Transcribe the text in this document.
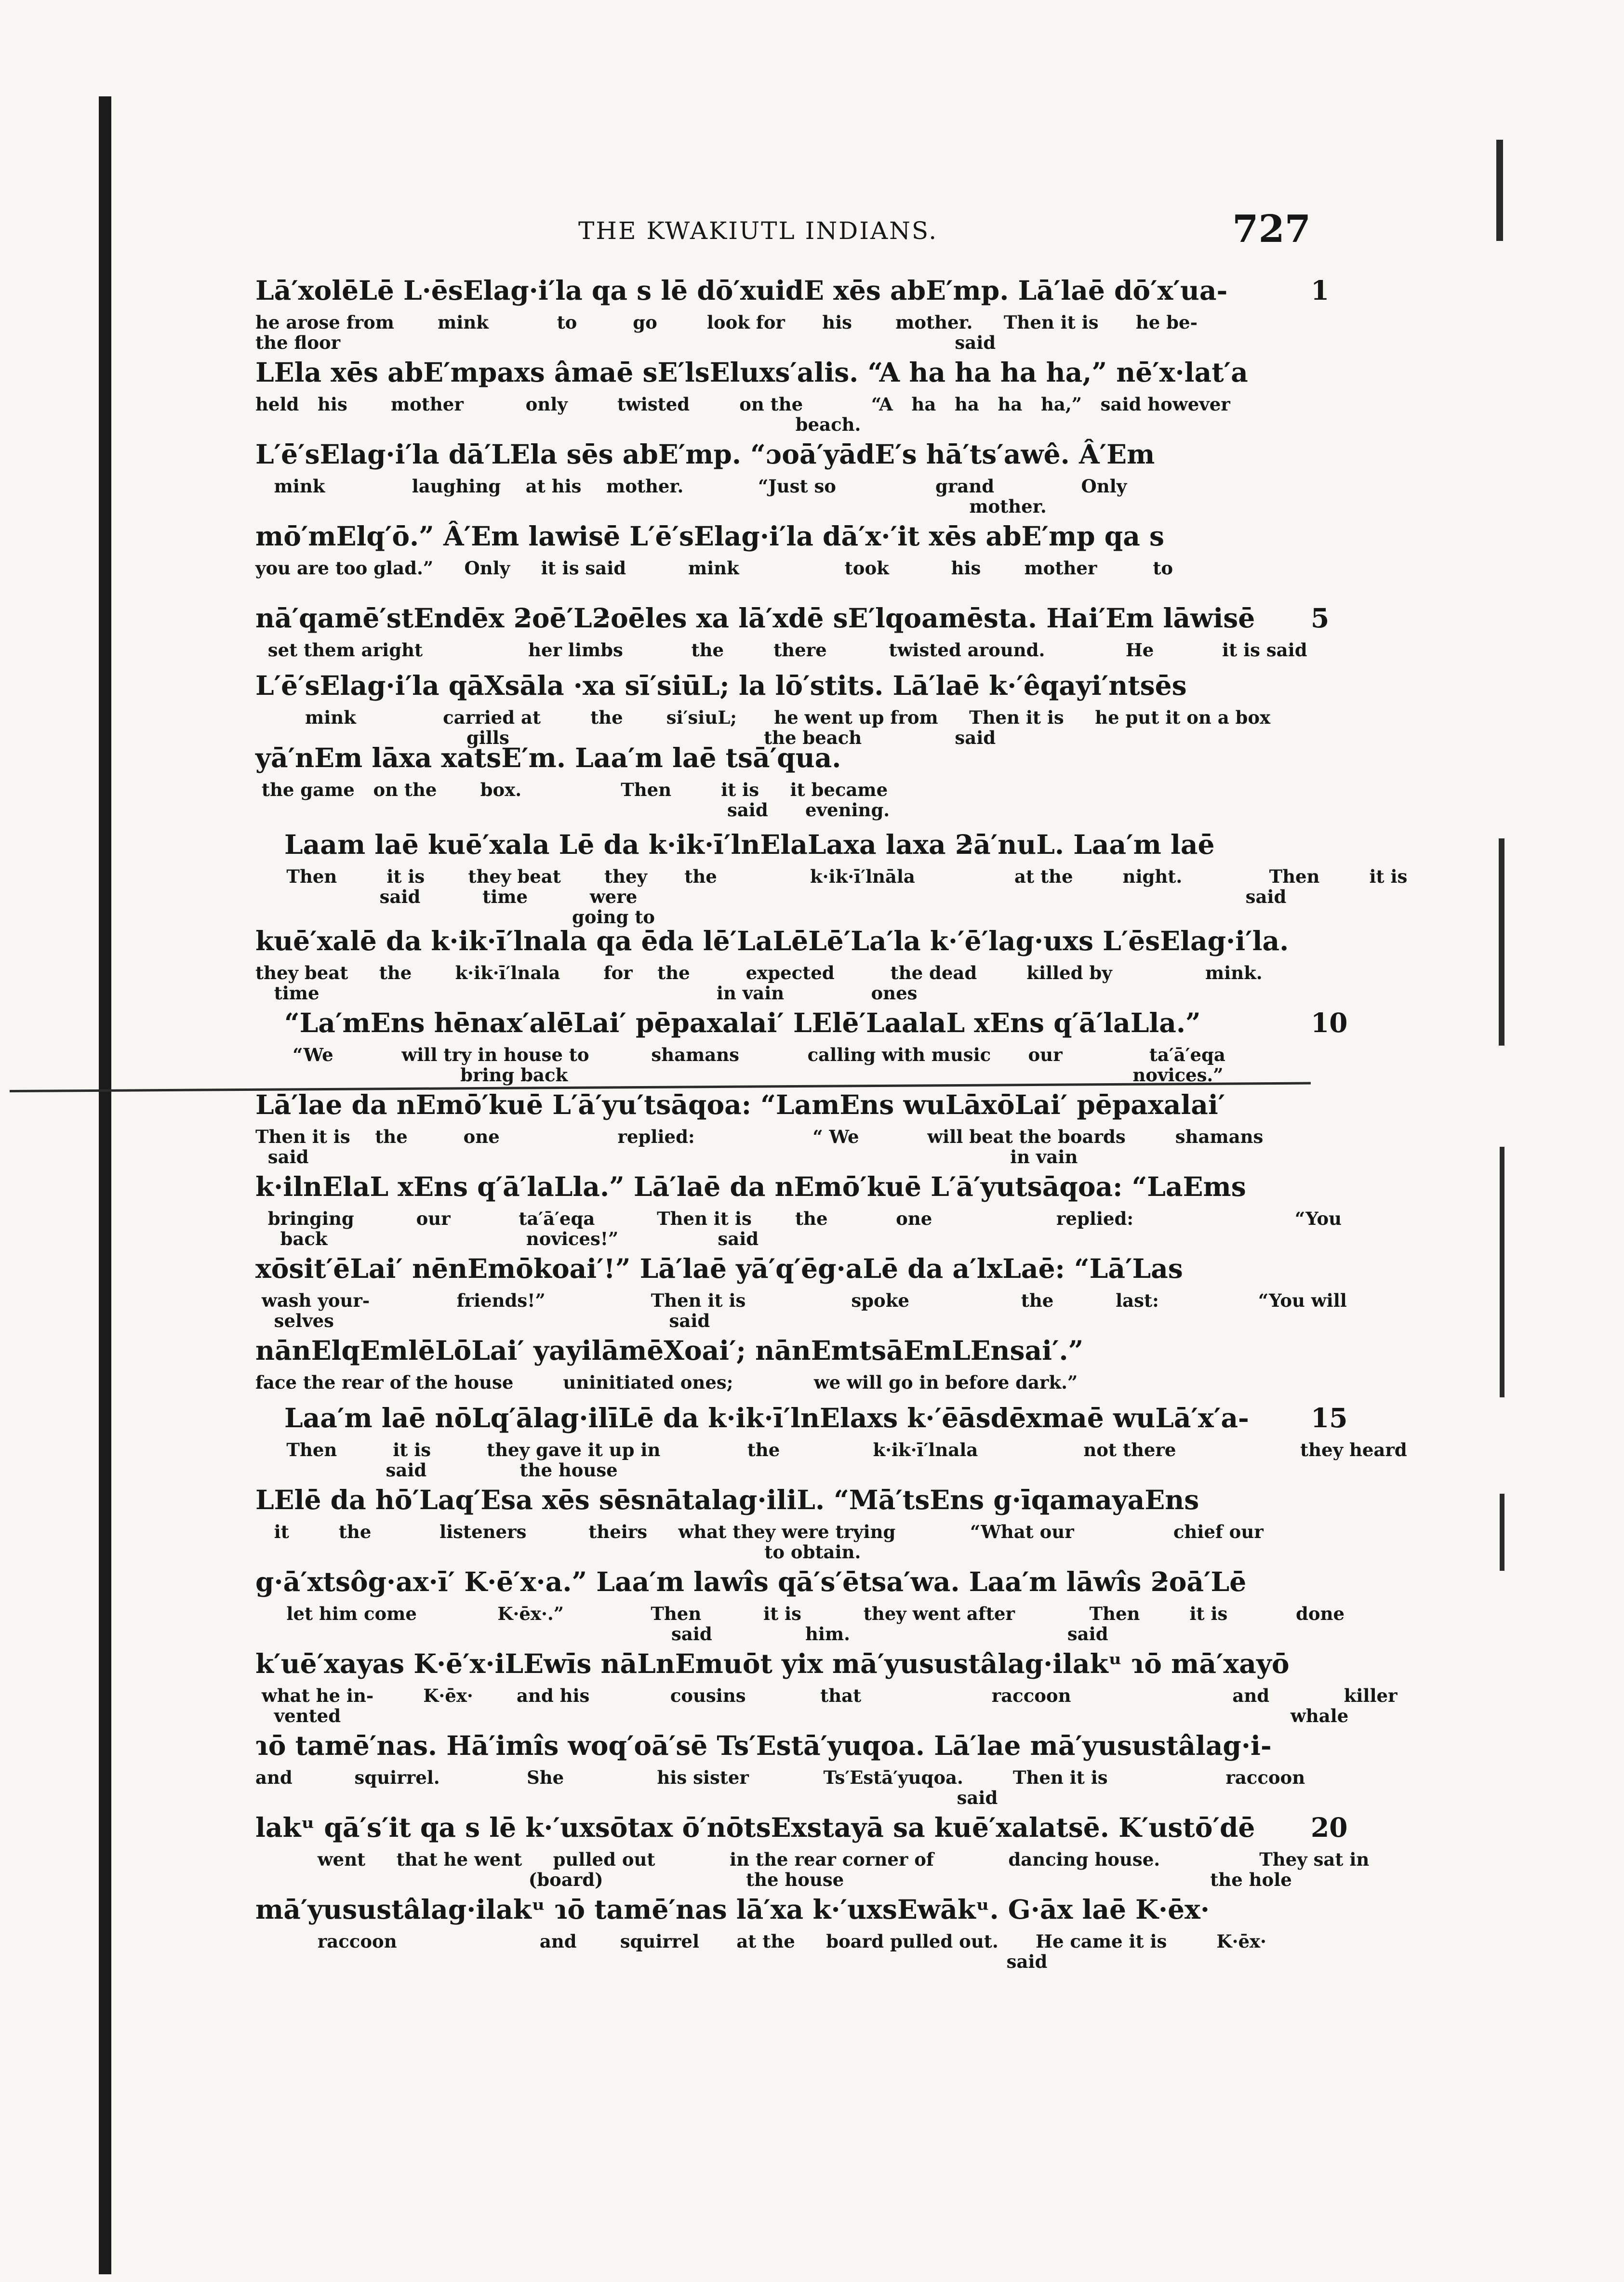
THE KWAKIUTL INDIANS.	727
Lā′xolēLē L·ēsElag·i′la qa s lē dō′xuidE xēs abE′mp. Lā′laē dō′x′ua-
he arose from       mink           to         go        look for      his       mother.     Then it is      he be-
the floor                                                                                                   said
1
LEla xēs abE′mpaxs âmaē sE′lsEluxs′alis. “A ha ha ha ha,” nē′x·lat′a
held   his       mother          only        twisted        on the           “A   ha   ha   ha   ha,”   said however
beach.
L′ē′sElag·i′la dā′LEla sēs abE′mp. “ɔoā′yādE′s hā′ts′awê. Â′Em
mink              laughing    at his    mother.            “Just so                grand              Only
mother.
mō′mElq′ō.” Â′Em lawisē L′ē′sElag·i′la dā′x·′it xēs abE′mp qa s
you are too glad.”     Only     it is said          mink                 took          his       mother         to
nā′qamē′stEndēx ƻoē′Lƻoēles xa lā′xdē sE′lqoamēsta. Hai′Em lāwisē
set them aright                 her limbs           the        there          twisted around.             He           it is said
5
L′ē′sElag·i′la qāXsāla ·xa sī′siūL; la lō′stits. Lā′laē k·′êqayi′ntsēs
mink              carried at        the       si′siuL;      he went up from     Then it is     he put it on a box
gills                                         the beach               said
yā′nEm lāxa xatsE′m. Laa′m laē tsā′qua.
the game   on the       box.                Then        it is     it became
said      evening.
Laam laē kuē′xala Lē da k·ik·ī′lnElaLaxa laxa ƻā′nuL. Laa′m laē
Then        it is       they beat       they      the               k·ik·ī′lnāla                at the        night.              Then        it is
said          time          were                                                                                                  said
going to
kuē′xalē da k·ik·ī′lnala qa ēda lē′LaLēLē′La′la k·′ē′lag·uxs L′ēsElag·i′la.
they beat     the       k·ik·ī′lnala       for    the         expected         the dead        killed by               mink.
time                                                                in vain              ones
“La′mEns hēnax′alēLai′ pēpaxalai′ LElē′LaalaL xEns q′ā′laLla.”
“We           will try in house to          shamans           calling with music      our              ta′ā′eqa
bring back                                                                                           novices.”
10
Lā′lae da nEmō′kuē L′ā′yu′tsāqoa: “LamEns wuLāxōLai′ pēpaxalai′
Then it is    the         one                   replied:                   “ We           will beat the boards        shamans
said                                                                                                                 in vain
k·ilnElaL xEns q′ā′laLla.” Lā′laē da nEmō′kuē L′ā′yutsāqoa: “LaEms
bringing          our           ta′ā′eqa          Then it is       the           one                    replied:                          “You
back                                novices!”                said
xōsit′ēLai′ nēnEmōkoai′!” Lā′laē yā′q′ēg·aLē da a′lxLaē: “Lā′Las
wash your-              friends!”                 Then it is                 spoke                  the          last:                “You will
selves                                                      said
nānElqEmlēLōLai′ yayilāmēXoai′; nānEmtsāEmLEnsai′.”
face the rear of the house        uninitiated ones;             we will go in before dark.”
Laa′m laē nōLq′ālag·ilīLē da k·ik·ī′lnElaxs k·′ēāsdēxmaē wuLā′x′a-
Then         it is         they gave it up in              the               k·ik·ī′lnala                 not there                    they heard
said               the house
15
LElē da hō′Laq′Esa xēs sēsnātalag·iliL. “Mā′tsEns g·īqamayaEns
it        the           listeners          theirs     what they were trying            “What our                chief our
to obtain.
g·ā′xtsôg·ax·ī′ K·ē′x·a.” Laa′m lawîs qā′s′ētsa′wa. Laa′m lāwîs ƻoā′Lē
let him come             K·ēx·.”              Then          it is          they went after            Then        it is           done
said               him.                                   said
k′uē′xayas K·ē′x·iLEwīs nāLnEmuōt yix mā′yusustâlag·ilakᵘ ɿō mā′xayō
what he in-        K·ēx·       and his             cousins            that                     raccoon                          and            killer
vented                                                                                                                                                         whale
ɿō tamē′nas. Hā′imîs woq′oā′sē Ts′Estā′yuqoa. Lā′lae mā′yusustâlag·i-
and          squirrel.              She               his sister            Ts′Estā′yuqoa.        Then it is                   raccoon
said
lakᵘ qā′s′it qa s lē k·′uxsōtax ō′nōtsExstayā sa kuē′xalatsē. K′ustō′dē
went     that he went     pulled out            in the rear corner of            dancing house.                They sat in
(board)                       the house                                                           the hole
20
mā′yusustâlag·ilakᵘ ɿō tamē′nas lā′xa k·′uxsEwākᵘ. G·āx laē K·ēx·
raccoon                       and       squirrel      at the     board pulled out.      He came it is        K·ēx·
said
